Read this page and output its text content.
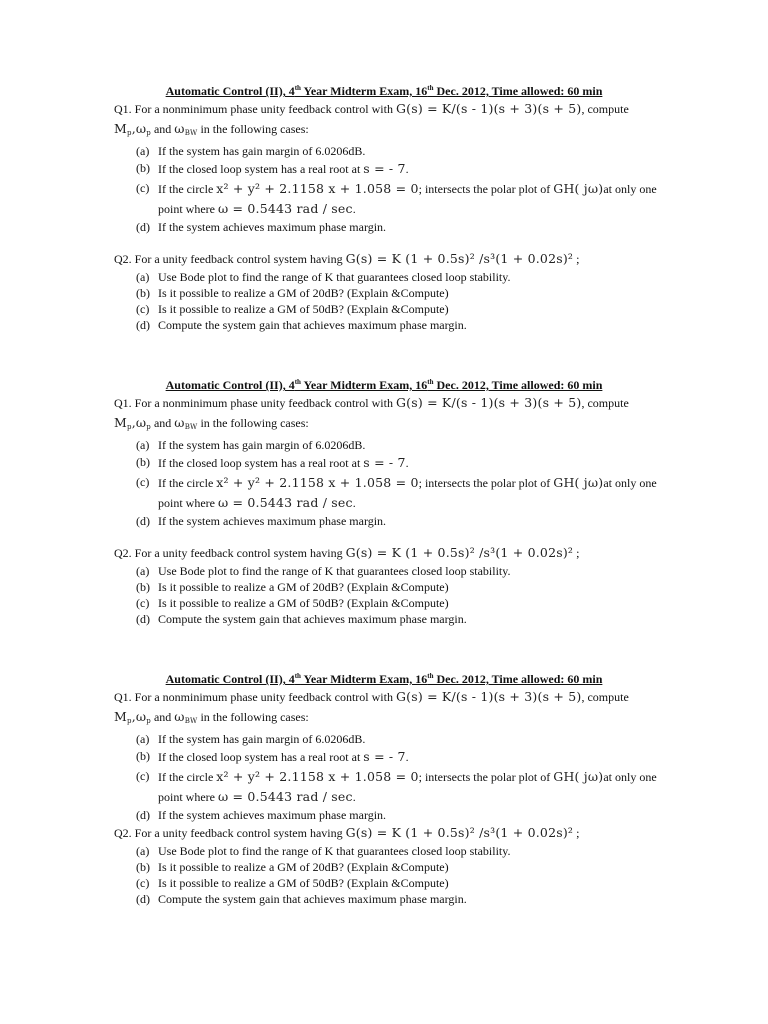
Automatic Control (II), 4th Year Midterm Exam, 16th Dec. 2012, Time allowed: 60 min
Q1. For a nonminimum phase unity feedback control with G(s) = K/(s - 1)(s + 3)(s + 5), compute
$M_p,\omega_p$ and $\omega_{BW}$ in the following cases:
(a) If the system has gain margin of 6.0206dB.
(b) If the closed loop system has a real root at s = - 7.
(c) If the circle x² + y² + 2.1158 x + 1.058 = 0; intersects the polar plot of GH( jω)at only one
point where ω = 0.5443 rad / sec.
(d) If the system achieves maximum phase margin.
Q2. For a unity feedback control system having G(s) = K (1 + 0.5s)² /s³(1 + 0.02s)² ;
(a) Use Bode plot to find the range of K that guarantees closed loop stability.
(b) Is it possible to realize a GM of 20dB? (Explain &Compute)
(c) Is it possible to realize a GM of 50dB? (Explain &Compute)
(d) Compute the system gain that achieves maximum phase margin.
Automatic Control (II), 4th Year Midterm Exam, 16th Dec. 2012, Time allowed: 60 min
Q1. For a nonminimum phase unity feedback control with G(s) = K/(s - 1)(s + 3)(s + 5), compute
$M_p,\omega_p$ and $\omega_{BW}$ in the following cases:
(a) If the system has gain margin of 6.0206dB.
(b) If the closed loop system has a real root at s = - 7.
(c) If the circle x² + y² + 2.1158 x + 1.058 = 0; intersects the polar plot of GH( jω)at only one
point where ω = 0.5443 rad / sec.
(d) If the system achieves maximum phase margin.
Q2. For a unity feedback control system having G(s) = K (1 + 0.5s)² /s³(1 + 0.02s)² ;
(a) Use Bode plot to find the range of K that guarantees closed loop stability.
(b) Is it possible to realize a GM of 20dB? (Explain &Compute)
(c) Is it possible to realize a GM of 50dB? (Explain &Compute)
(d) Compute the system gain that achieves maximum phase margin.
Automatic Control (II), 4th Year Midterm Exam, 16th Dec. 2012, Time allowed: 60 min
Q1. For a nonminimum phase unity feedback control with G(s) = K/(s - 1)(s + 3)(s + 5), compute
$M_p,\omega_p$ and $\omega_{BW}$ in the following cases:
(a) If the system has gain margin of 6.0206dB.
(b) If the closed loop system has a real root at s = - 7.
(c) If the circle x² + y² + 2.1158 x + 1.058 = 0; intersects the polar plot of GH( jω)at only one
point where ω = 0.5443 rad / sec.
(d) If the system achieves maximum phase margin.
Q2. For a unity feedback control system having G(s) = K (1 + 0.5s)² /s³(1 + 0.02s)² ;
(a) Use Bode plot to find the range of K that guarantees closed loop stability.
(b) Is it possible to realize a GM of 20dB? (Explain &Compute)
(c) Is it possible to realize a GM of 50dB? (Explain &Compute)
(d) Compute the system gain that achieves maximum phase margin.
